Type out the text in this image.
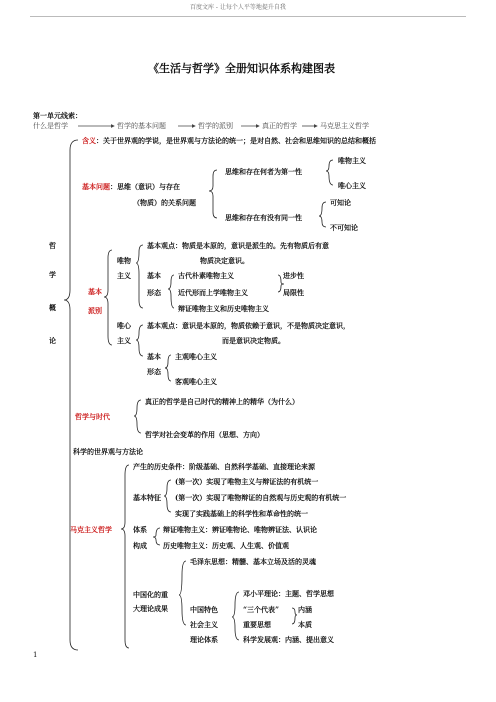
百度文库 - 让每个人平等地提升自我
《生活与哲学》全册知识体系构建图表
第一单元线索：
什么是哲学	哲学的基本问题	哲学的派别	真正的哲学	马克思主义哲学
哲
学
概
论
含义：关于世界观的学说，是世界观与方法论的统一；是对自然、社会和思维知识的总结和概括
基本问题：思维（意识）与存在
（物质）的关系问题
思维和存在何者为第一性
唯物主义
唯心主义
思维和存在有没有同一性
可知论
不可知论
基本
派别
唯物
主义
基本观点：物质是本原的，意识是派生的。先有物质后有意
物质决定意识。
基本
形态
古代朴素唯物主义
近代形而上学唯物主义
辩证唯物主义和历史唯物主义
进步性
局限性
唯心
主义
基本观点：意识是本原的，物质依赖于意识，不是物质决定意识，
而是意识决定物质。
基本
形态
主观唯心主义
客观唯心主义
哲学与时代
真正的哲学是自己时代的精神上的精华（为什么）
哲学对社会变革的作用（思想、方向）
科学的世界观与方法论
马克主义哲学
产生的历史条件：阶级基础、自然科学基础、直接理论来源
基本特征
(第一次）实现了唯物主义与辩证法的有机统一
(第一次）实现了唯物辩证的自然观与历史观的有机统一
实现了实践基础上的科学性和革命性的统一
体系
构成
辩证唯物主义：辨证唯物论、唯物辨证法、认识论
历史唯物主义：历史观、人生观、价值观
中国化的重
大理论成果
毛泽东思想：精髓、基本立场及活的灵魂
中国特色
社会主义
理论体系
邓小平理论：主题、哲学思想
“三个代表”
重要思想
科学发展观：内涵、提出意义
内涵
本质
1
